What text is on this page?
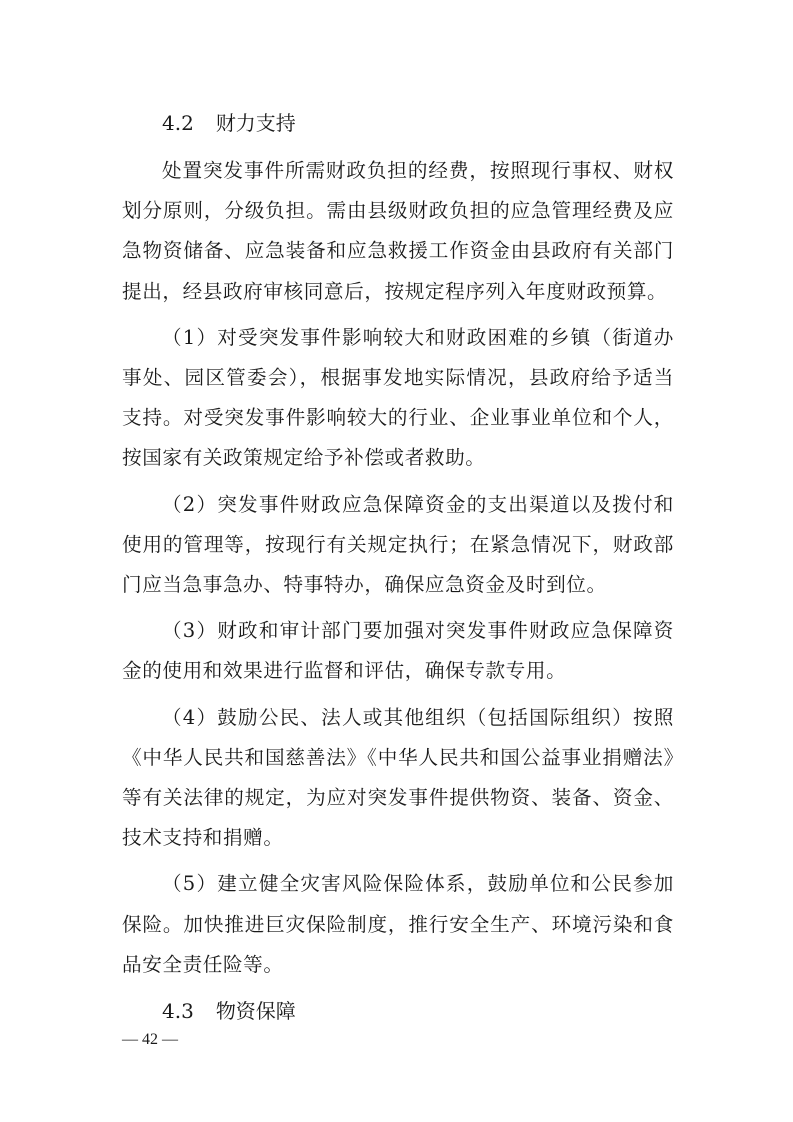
4.2 财力支持

处置突发事件所需财政负担的经费，按照现行事权、财权划分原则，分级负担。需由县级财政负担的应急管理经费及应急物资储备、应急装备和应急救援工作资金由县政府有关部门提出，经县政府审核同意后，按规定程序列入年度财政预算。

（1）对受突发事件影响较大和财政困难的乡镇（街道办事处、园区管委会），根据事发地实际情况，县政府给予适当支持。对受突发事件影响较大的行业、企业事业单位和个人，按国家有关政策规定给予补偿或者救助。

（2）突发事件财政应急保障资金的支出渠道以及拨付和使用的管理等，按现行有关规定执行；在紧急情况下，财政部门应当急事急办、特事特办，确保应急资金及时到位。

（3）财政和审计部门要加强对突发事件财政应急保障资金的使用和效果进行监督和评估，确保专款专用。

（4）鼓励公民、法人或其他组织（包括国际组织）按照《中华人民共和国慈善法》《中华人民共和国公益事业捐赠法》等有关法律的规定，为应对突发事件提供物资、装备、资金、技术支持和捐赠。

（5）建立健全灾害风险保险体系，鼓励单位和公民参加保险。加快推进巨灾保险制度，推行安全生产、环境污染和食品安全责任险等。

4.3 物资保障
— 42 —
